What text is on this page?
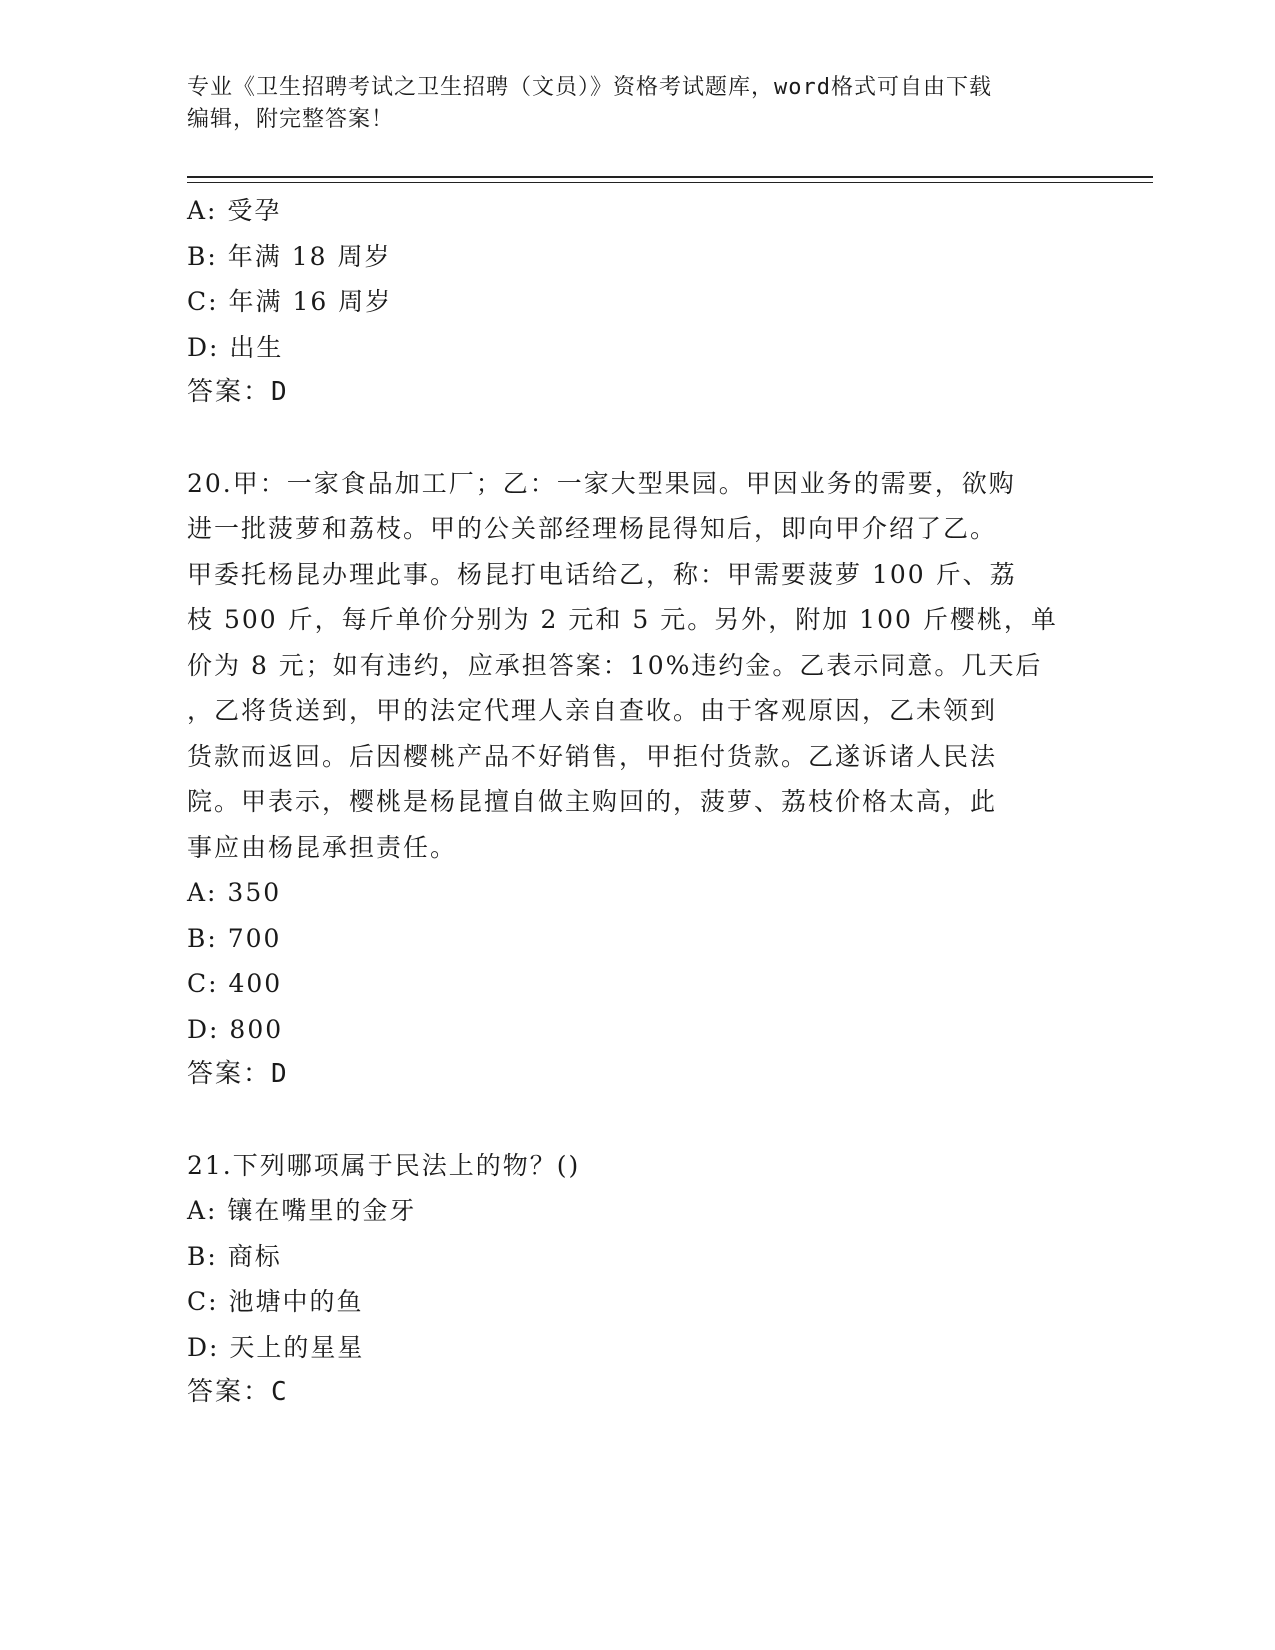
专业《卫生招聘考试之卫生招聘（文员）》资格考试题库，word格式可自由下载
编辑，附完整答案！
A: 受孕
B: 年满 18 周岁
C: 年满 16 周岁
D: 出生
答案：D
20.甲：一家食品加工厂；乙：一家大型果园。甲因业务的需要，欲购
进一批菠萝和荔枝。甲的公关部经理杨昆得知后，即向甲介绍了乙。
甲委托杨昆办理此事。杨昆打电话给乙，称：甲需要菠萝 100 斤、荔
枝 500 斤，每斤单价分别为 2 元和 5 元。另外，附加 100 斤樱桃，单
价为 8 元；如有违约，应承担答案：10%违约金。乙表示同意。几天后
，乙将货送到，甲的法定代理人亲自查收。由于客观原因，乙未领到
货款而返回。后因樱桃产品不好销售，甲拒付货款。乙遂诉诸人民法
院。甲表示，樱桃是杨昆擅自做主购回的，菠萝、荔枝价格太高，此
事应由杨昆承担责任。
A: 350
B: 700
C: 400
D: 800
答案：D
21.下列哪项属于民法上的物？()
A: 镶在嘴里的金牙
B: 商标
C: 池塘中的鱼
D: 天上的星星
答案：C
